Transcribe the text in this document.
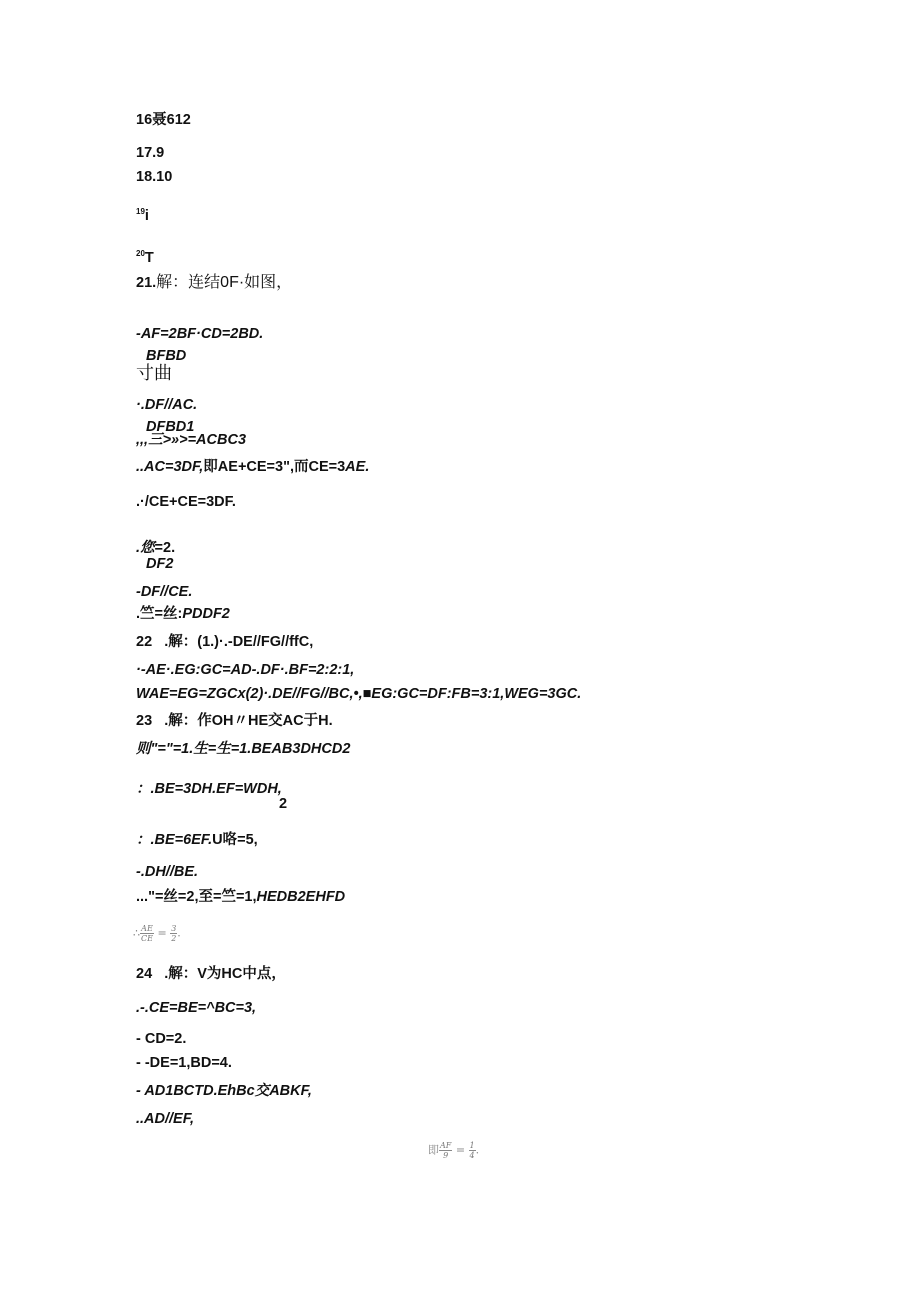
16聂612
17.9
18.10
$^{19}$i
$^{20}$T
21.解：连结0F·如图，
-AF=2BF·CD=2BD.
BFBD
寸曲
·.DF//AC.
DFBD1
,,,三>»>=ACBC3
..AC=3DF,即AE+CE=3",而CE=3AE.
.·/CE+CE=3DF.
.您=2.
DF2
-DF//CE.
.竺=丝:PDDF2
22 .解：(1.)·.-DE//FG//ffC,
·-AE·.EG:GC=AD-.DF·.BF=2:2:1,
WAE=EG=ZGCx(2)·.DE//FG//BC,•,■EG:GC=DF:FB=3:1,WEG=3GC.
23 .解：作OH〃HE交AC于H.
则"="=1.生=生=1.BEAB3DHCD2
：.BE=3DH.EF=WDH,
2
：.BE=6EF.U咯=5,
-.DH//BE.
..."=丝=2,至=竺=1,HEDB2EHFD
∴ $\frac{AE}{CE} = \frac{3}{2}$ .
24 .解：V为HC中点，
.-.CE=BE=^BC=3,
- CD=2.
- -DE=1,BD=4.
- AD1BCTD.EhBc交ABKF,
..AD//EF,
即 $\frac{AF}{9} = \frac{1}{4}$ .
